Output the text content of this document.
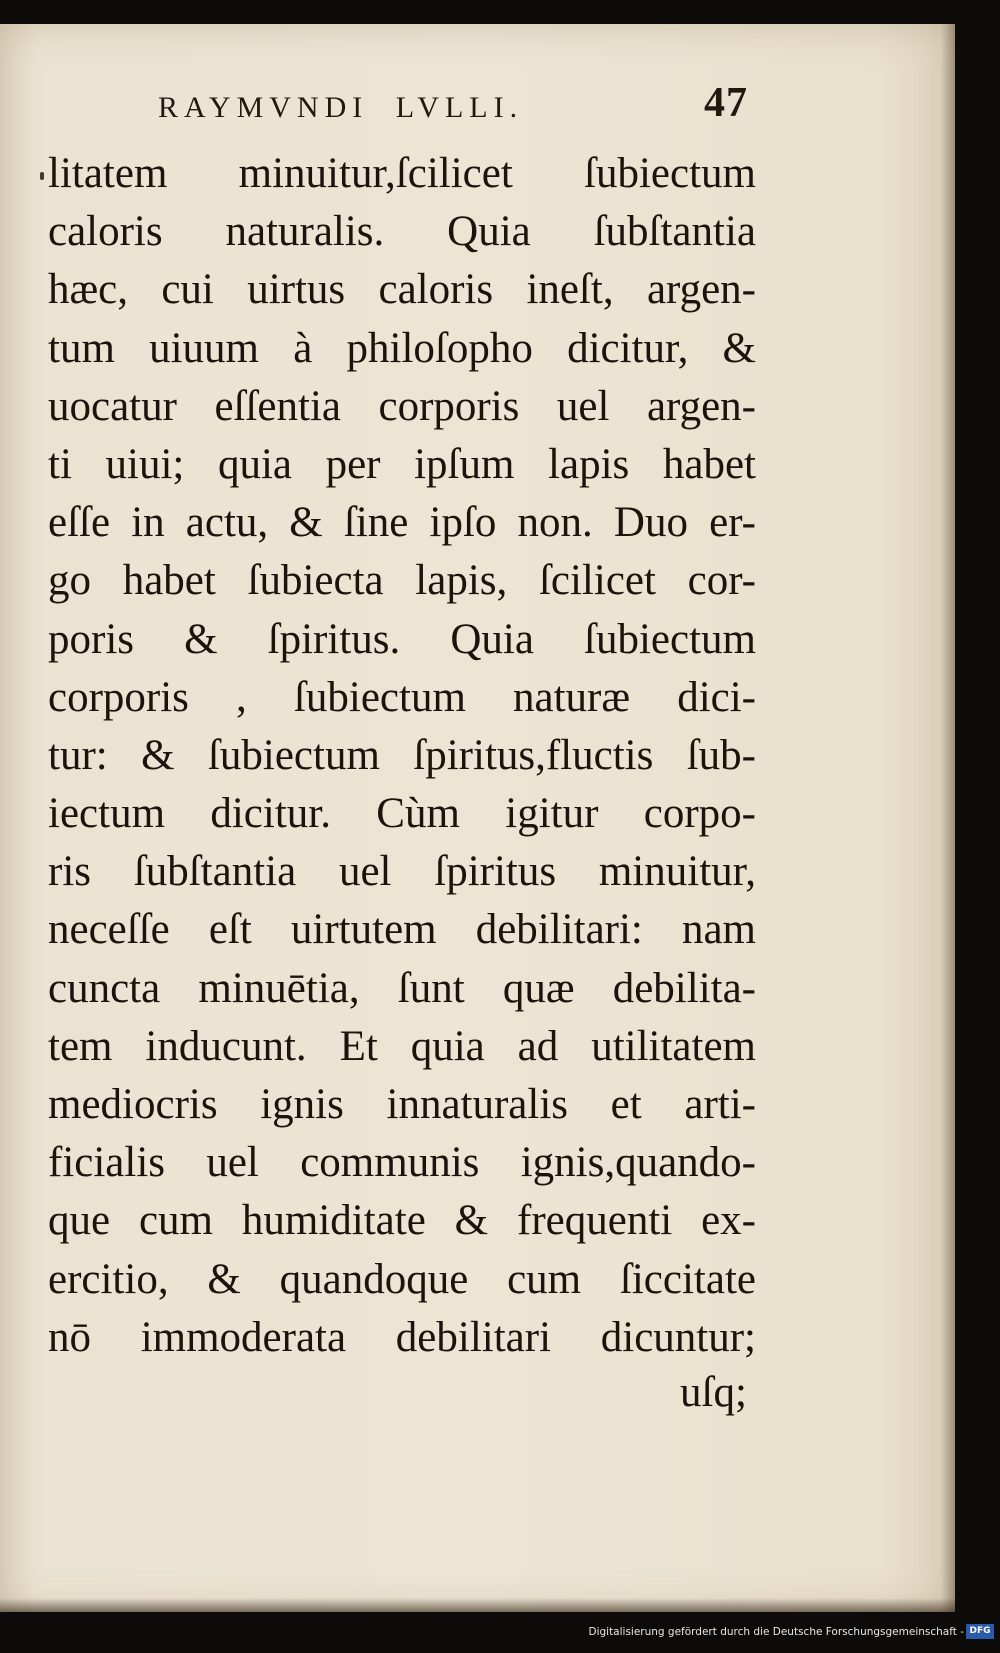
RAYMVNDI LVLLI.	47
litatem minuitur,ſcilicet ſubiectum
caloris naturalis. Quia ſubſtantia
hæc, cui uirtus caloris ineſt, argen-
tum uiuum à philoſopho dicitur, &
uocatur eſſentia corporis uel argen-
ti uiui; quia per ipſum lapis habet
eſſe in actu, & ſine ipſo non. Duo er-
go habet ſubiecta lapis, ſcilicet cor-
poris & ſpiritus. Quia ſubiectum
corporis , ſubiectum naturæ dici-
tur: & ſubiectum ſpiritus,fluctis ſub-
iectum dicitur. Cùm igitur corpo-
ris ſubſtantia uel ſpiritus minuitur,
neceſſe eſt uirtutem debilitari: nam
cuncta minuētia, ſunt quæ debilita-
tem inducunt. Et quia ad utilitatem
mediocris ignis innaturalis et arti-
ficialis uel communis ignis,quando-
que cum humiditate & frequenti ex-
ercitio, & quandoque cum ſiccitate
nō immoderata debilitari dicuntur;
uſq;
Digitalisierung gefördert durch die Deutsche Forschungsgemeinschaft - DFG
